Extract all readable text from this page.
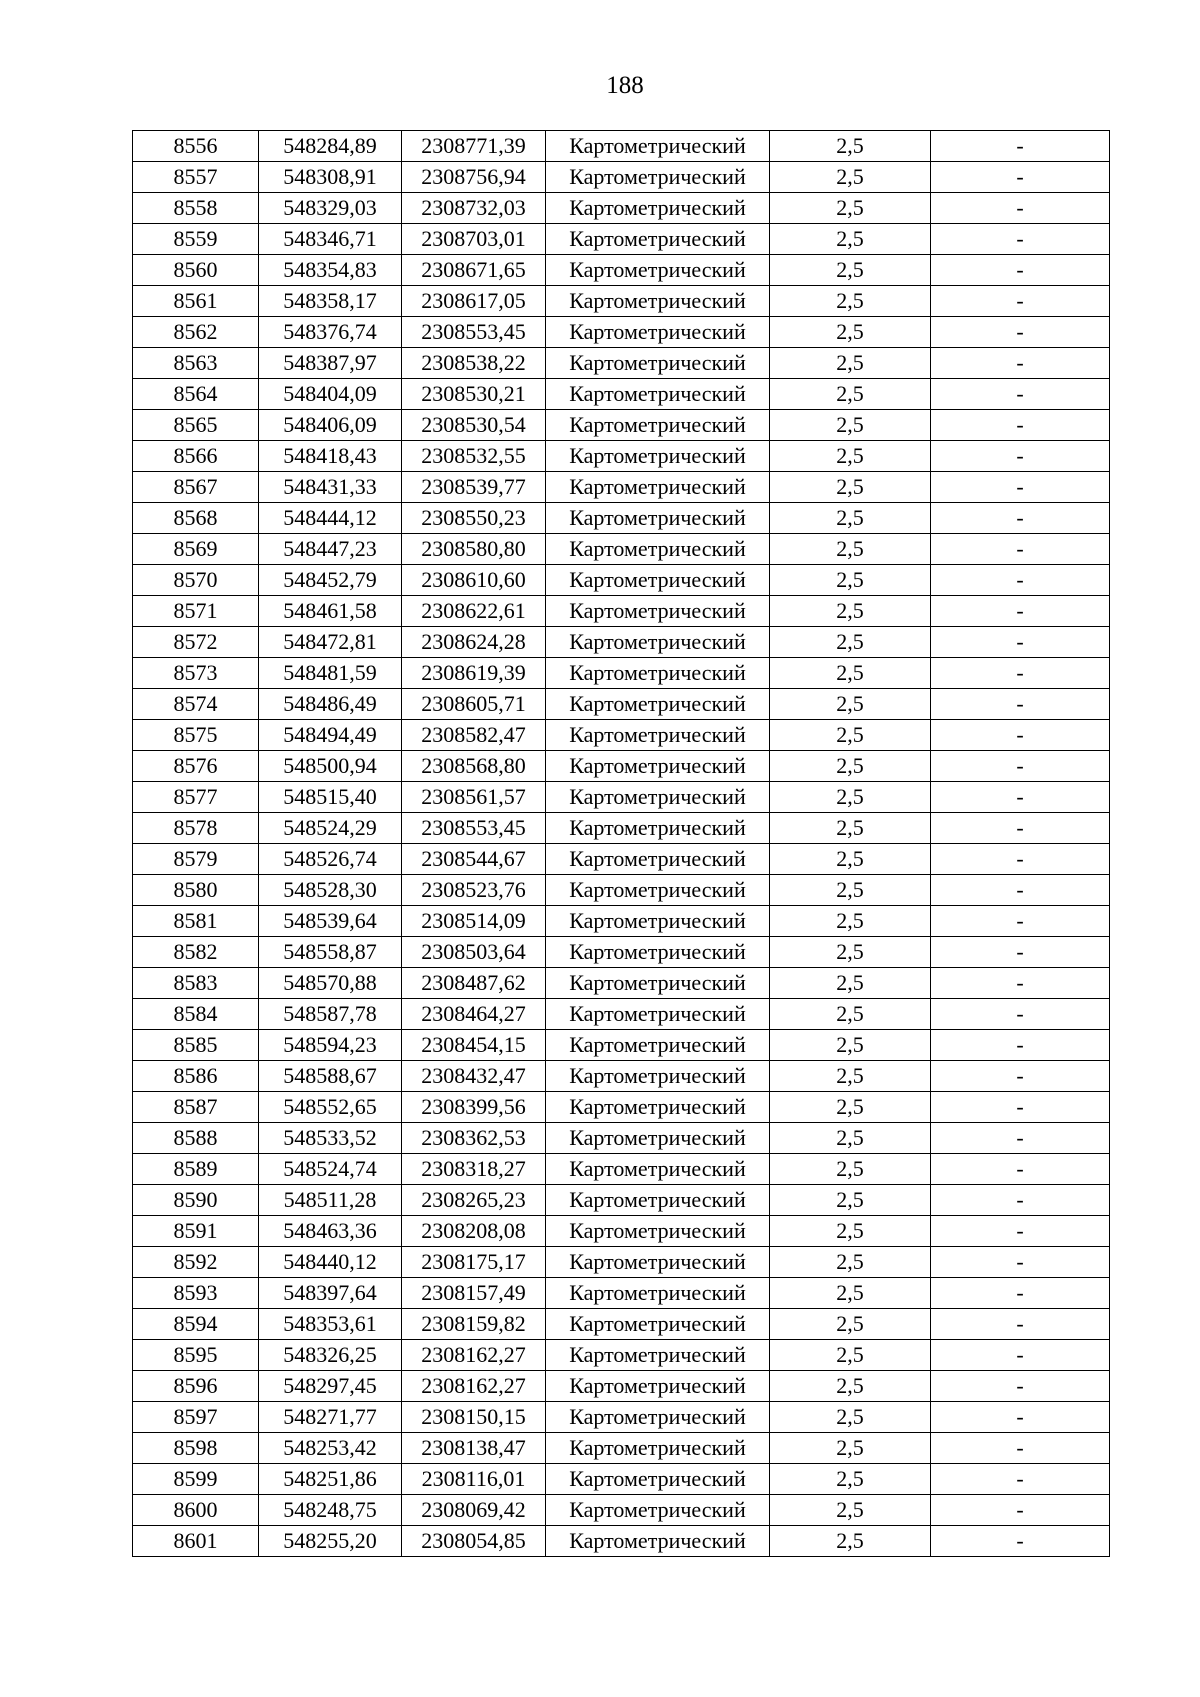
188
8556	548284,89	2308771,39	Картометрический	2,5	-
8557	548308,91	2308756,94	Картометрический	2,5	-
8558	548329,03	2308732,03	Картометрический	2,5	-
8559	548346,71	2308703,01	Картометрический	2,5	-
8560	548354,83	2308671,65	Картометрический	2,5	-
8561	548358,17	2308617,05	Картометрический	2,5	-
8562	548376,74	2308553,45	Картометрический	2,5	-
8563	548387,97	2308538,22	Картометрический	2,5	-
8564	548404,09	2308530,21	Картометрический	2,5	-
8565	548406,09	2308530,54	Картометрический	2,5	-
8566	548418,43	2308532,55	Картометрический	2,5	-
8567	548431,33	2308539,77	Картометрический	2,5	-
8568	548444,12	2308550,23	Картометрический	2,5	-
8569	548447,23	2308580,80	Картометрический	2,5	-
8570	548452,79	2308610,60	Картометрический	2,5	-
8571	548461,58	2308622,61	Картометрический	2,5	-
8572	548472,81	2308624,28	Картометрический	2,5	-
8573	548481,59	2308619,39	Картометрический	2,5	-
8574	548486,49	2308605,71	Картометрический	2,5	-
8575	548494,49	2308582,47	Картометрический	2,5	-
8576	548500,94	2308568,80	Картометрический	2,5	-
8577	548515,40	2308561,57	Картометрический	2,5	-
8578	548524,29	2308553,45	Картометрический	2,5	-
8579	548526,74	2308544,67	Картометрический	2,5	-
8580	548528,30	2308523,76	Картометрический	2,5	-
8581	548539,64	2308514,09	Картометрический	2,5	-
8582	548558,87	2308503,64	Картометрический	2,5	-
8583	548570,88	2308487,62	Картометрический	2,5	-
8584	548587,78	2308464,27	Картометрический	2,5	-
8585	548594,23	2308454,15	Картометрический	2,5	-
8586	548588,67	2308432,47	Картометрический	2,5	-
8587	548552,65	2308399,56	Картометрический	2,5	-
8588	548533,52	2308362,53	Картометрический	2,5	-
8589	548524,74	2308318,27	Картометрический	2,5	-
8590	548511,28	2308265,23	Картометрический	2,5	-
8591	548463,36	2308208,08	Картометрический	2,5	-
8592	548440,12	2308175,17	Картометрический	2,5	-
8593	548397,64	2308157,49	Картометрический	2,5	-
8594	548353,61	2308159,82	Картометрический	2,5	-
8595	548326,25	2308162,27	Картометрический	2,5	-
8596	548297,45	2308162,27	Картометрический	2,5	-
8597	548271,77	2308150,15	Картометрический	2,5	-
8598	548253,42	2308138,47	Картометрический	2,5	-
8599	548251,86	2308116,01	Картометрический	2,5	-
8600	548248,75	2308069,42	Картометрический	2,5	-
8601	548255,20	2308054,85	Картометрический	2,5	-
